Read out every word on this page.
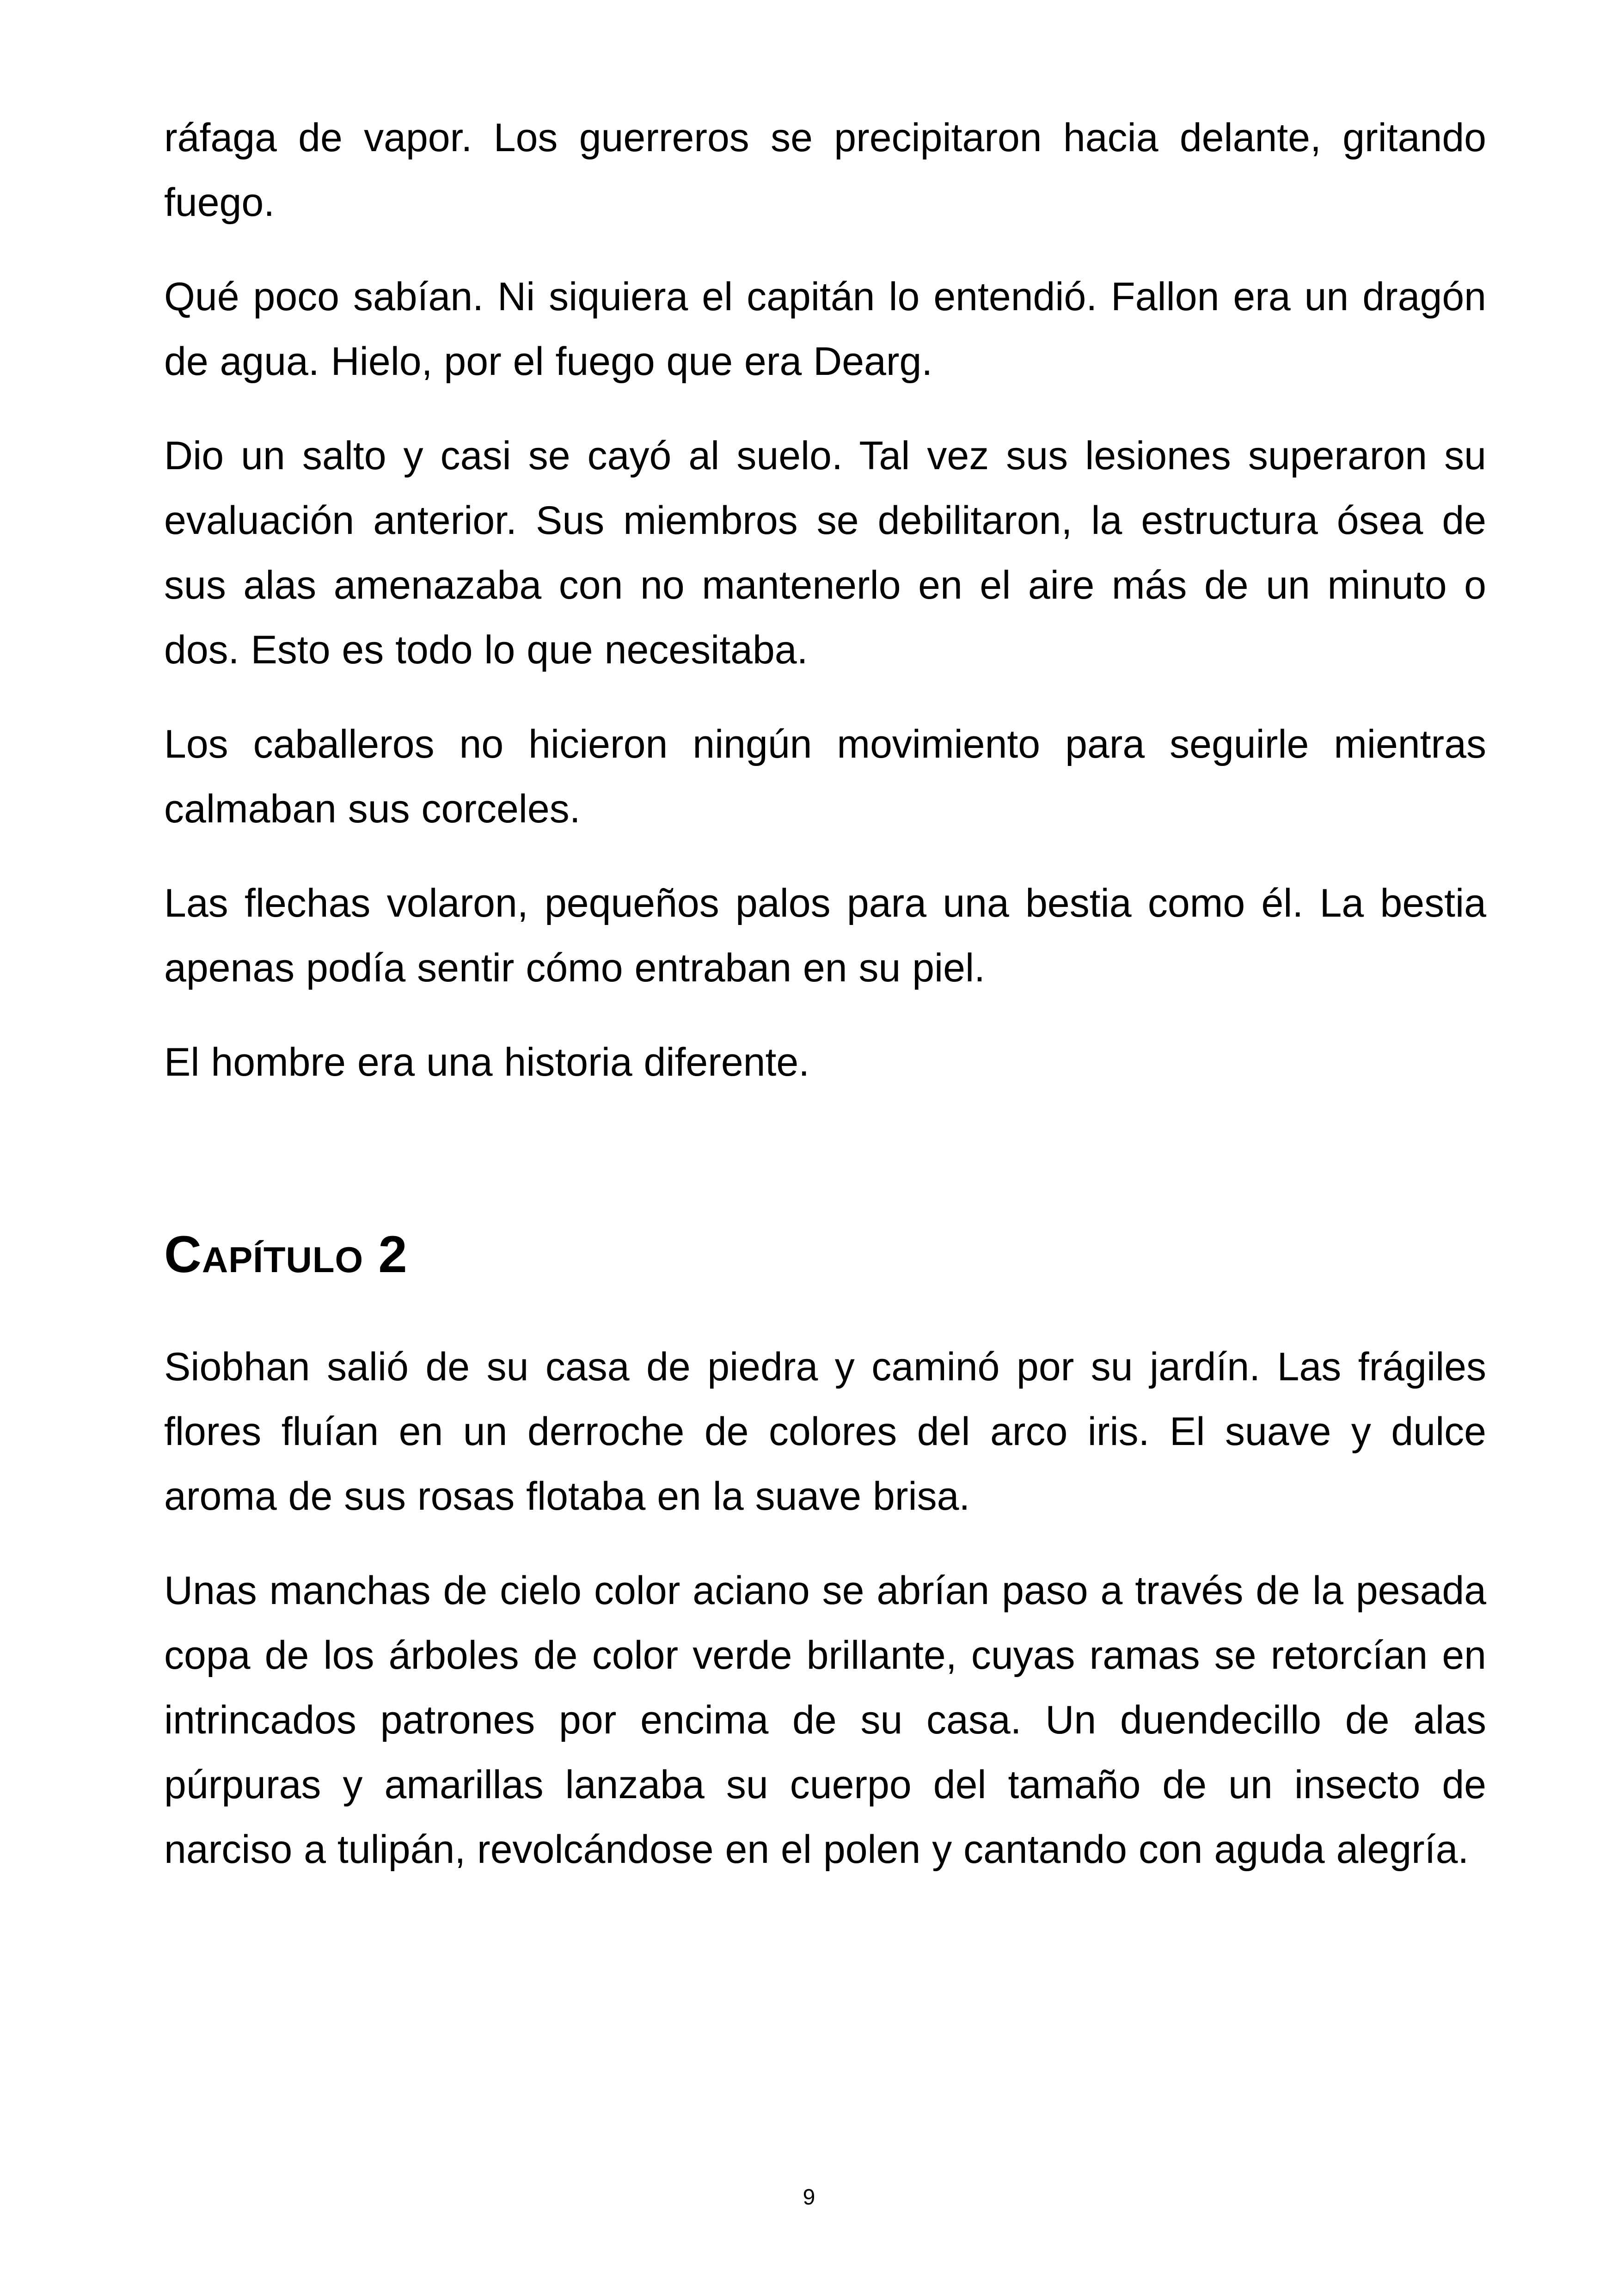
ráfaga de vapor. Los guerreros se precipitaron hacia delante, gritando fuego.

Qué poco sabían. Ni siquiera el capitán lo entendió. Fallon era un dragón de agua. Hielo, por el fuego que era Dearg.

Dio un salto y casi se cayó al suelo. Tal vez sus lesiones superaron su evaluación anterior. Sus miembros se debilitaron, la estructura ósea de sus alas amenazaba con no mantenerlo en el aire más de un minuto o dos. Esto es todo lo que necesitaba.

Los caballeros no hicieron ningún movimiento para seguirle mientras calmaban sus corceles.

Las flechas volaron, pequeños palos para una bestia como él. La bestia apenas podía sentir cómo entraban en su piel.

El hombre era una historia diferente.

Capítulo 2

Siobhan salió de su casa de piedra y caminó por su jardín. Las frágiles flores fluían en un derroche de colores del arco iris. El suave y dulce aroma de sus rosas flotaba en la suave brisa.

Unas manchas de cielo color aciano se abrían paso a través de la pesada copa de los árboles de color verde brillante, cuyas ramas se retorcían en intrincados patrones por encima de su casa. Un duendecillo de alas púrpuras y amarillas lanzaba su cuerpo del tamaño de un insecto de narciso a tulipán, revolcándose en el polen y cantando con aguda alegría.

9
